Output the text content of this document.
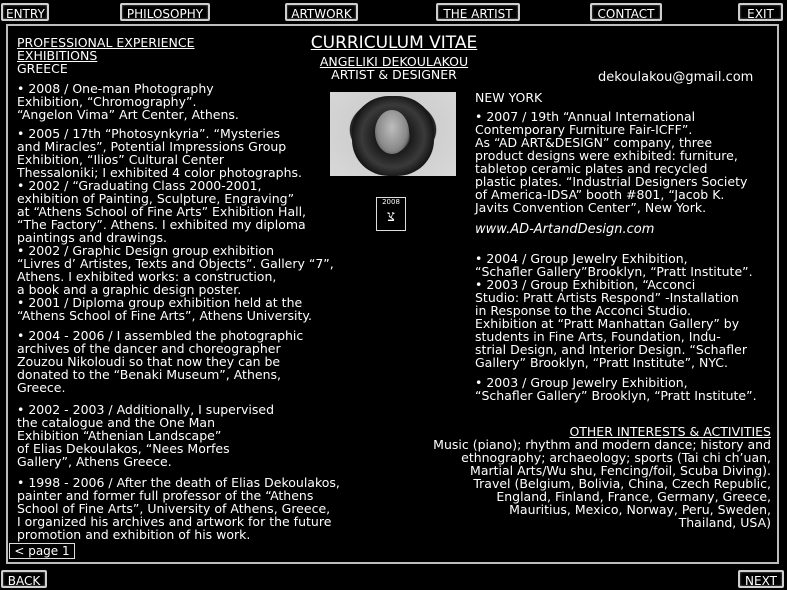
ENTRY	PHILOSOPHY	ARTWORK	THE ARTIST	CONTACT	EXIT
CURRICULUM VITAE
ANGELIKI DEKOULAKOU
ARTIST & DESIGNER	dekoulakou@gmail.com
2008
צ
PROFESSIONAL EXPERIENCE
EXHIBITIONS
GREECE
• 2008 / One-man Photography
Exhibition, “Chromography”.
“Angelon Vima” Art Center, Athens.
• 2005 / 17th “Photosynkyria”. “Mysteries
and Miracles”, Potential Impressions Group
Exhibition, “Ilios” Cultural Center
Thessaloniki; I exhibited 4 color photographs.
• 2002 / “Graduating Class 2000-2001,
exhibition of Painting, Sculpture, Engraving”
at “Athens School of Fine Arts” Exhibition Hall,
“The Factory”. Athens. I exhibited my diploma
paintings and drawings.
• 2002 / Graphic Design group exhibition
“Livres d’ Artistes, Texts and Objects”. Gallery “7”,
Athens. I exhibited works: a construction,
a book and a graphic design poster.
• 2001 / Diploma group exhibition held at the
“Athens School of Fine Arts”, Athens University.
• 2004 - 2006 / I assembled the photographic
archives of the dancer and choreographer
Zouzou Nikoloudi so that now they can be
donated to the “Benaki Museum”, Athens,
Greece.
• 2002 - 2003 / Additionally, I supervised
the catalogue and the One Man
Exhibition “Athenian Landscape”
of Elias Dekoulakos, “Nees Morfes
Gallery”, Athens Greece.
• 1998 - 2006 / After the death of Elias Dekoulakos,
painter and former full professor of the “Athens
School of Fine Arts”, University of Athens, Greece,
I organized his archives and artwork for the future
promotion and exhibition of his work.
< page 1
NEW YORK
• 2007 / 19th “Annual International
Contemporary Furniture Fair-ICFF”.
As “AD ART&DESIGN” company, three
product designs were exhibited: furniture,
tabletop ceramic plates and recycled
plastic plates. “Industrial Designers Society
of America-IDSA” booth #801, “Jacob K.
Javits Convention Center”, New York.
www.AD-ArtandDesign.com
• 2004 / Group Jewelry Exhibition,
“Schafler Gallery”Brooklyn, “Pratt Institute”.
• 2003 / Group Exhibition, “Acconci
Studio: Pratt Artists Respond” -Installation
in Response to the Acconci Studio.
Exhibition at “Pratt Manhattan Gallery” by
students in Fine Arts, Foundation, Indu-
strial Design, and Interior Design. “Schafler
Gallery” Brooklyn, “Pratt Institute”, NYC.
• 2003 / Group Jewelry Exhibition,
“Schafler Gallery” Brooklyn, “Pratt Institute”.
OTHER INTERESTS & ACTIVITIES
Music (piano); rhythm and modern dance; history and
ethnography; archaeology; sports (Tai chi ch’uan,
Martial Arts/Wu shu, Fencing/foil, Scuba Diving).
Travel (Belgium, Bolivia, China, Czech Republic,
England, Finland, France, Germany, Greece,
Mauritius, Mexico, Norway, Peru, Sweden,
Thailand, USA)
BACK	NEXT
